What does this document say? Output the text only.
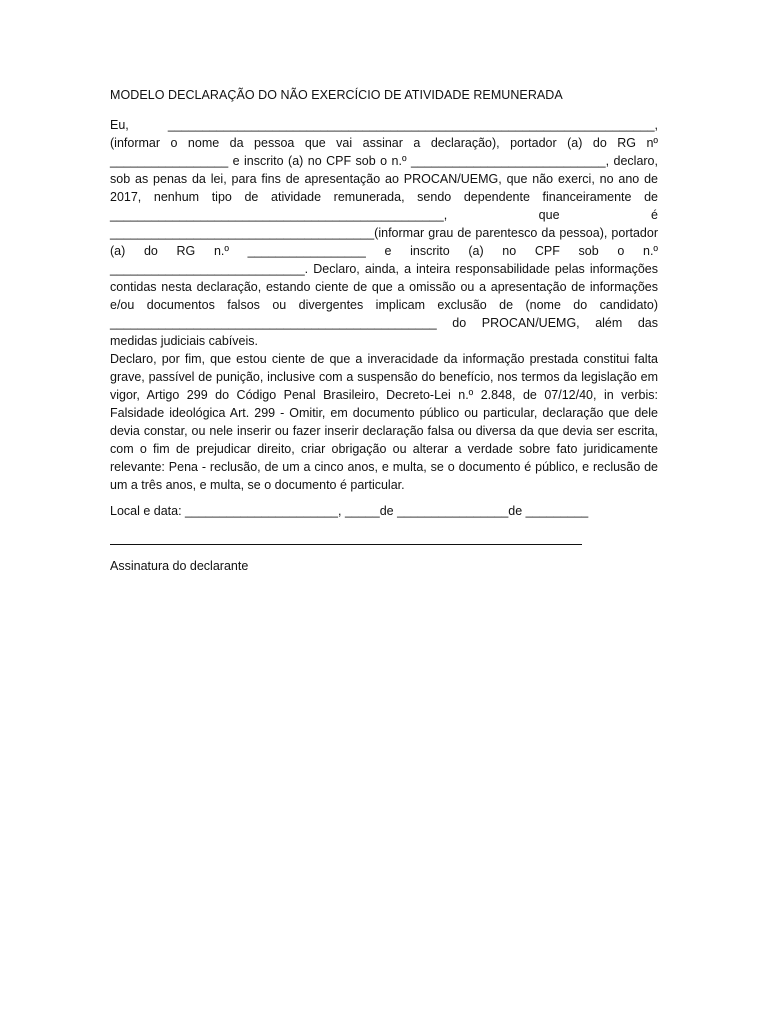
MODELO DECLARAÇÃO DO NÃO EXERCÍCIO DE ATIVIDADE REMUNERADA
Eu, ______________________________________________________________________, (informar o nome da pessoa que vai assinar a declaração), portador (a) do RG nº _________________ e inscrito (a) no CPF sob o n.º ____________________________, declaro, sob as penas da lei, para fins de apresentação ao PROCAN/UEMG, que não exerci, no ano de 2017, nenhum tipo de atividade remunerada, sendo dependente financeiramente de ________________________________________________, que é ______________________________________(informar grau de parentesco da pessoa), portador (a) do RG n.º _________________ e inscrito (a) no CPF sob o n.º ____________________________. Declaro, ainda, a inteira responsabilidade pelas informações contidas nesta declaração, estando ciente de que a omissão ou a apresentação de informações e/ou documentos falsos ou divergentes implicam exclusão de (nome do candidato) _______________________________________________ do PROCAN/UEMG, além das medidas judiciais cabíveis.
Declaro, por fim, que estou ciente de que a inveracidade da informação prestada constitui falta grave, passível de punição, inclusive com a suspensão do benefício, nos termos da legislação em vigor, Artigo 299 do Código Penal Brasileiro, Decreto-Lei n.º 2.848, de 07/12/40, in verbis: Falsidade ideológica Art. 299 - Omitir, em documento público ou particular, declaração que dele devia constar, ou nele inserir ou fazer inserir declaração falsa ou diversa da que devia ser escrita, com o fim de prejudicar direito, criar obrigação ou alterar a verdade sobre fato juridicamente relevante: Pena - reclusão, de um a cinco anos, e multa, se o documento é público, e reclusão de um a três anos, e multa, se o documento é particular.
Local e data: ______________________, _____de ________________de _________
Assinatura do declarante
